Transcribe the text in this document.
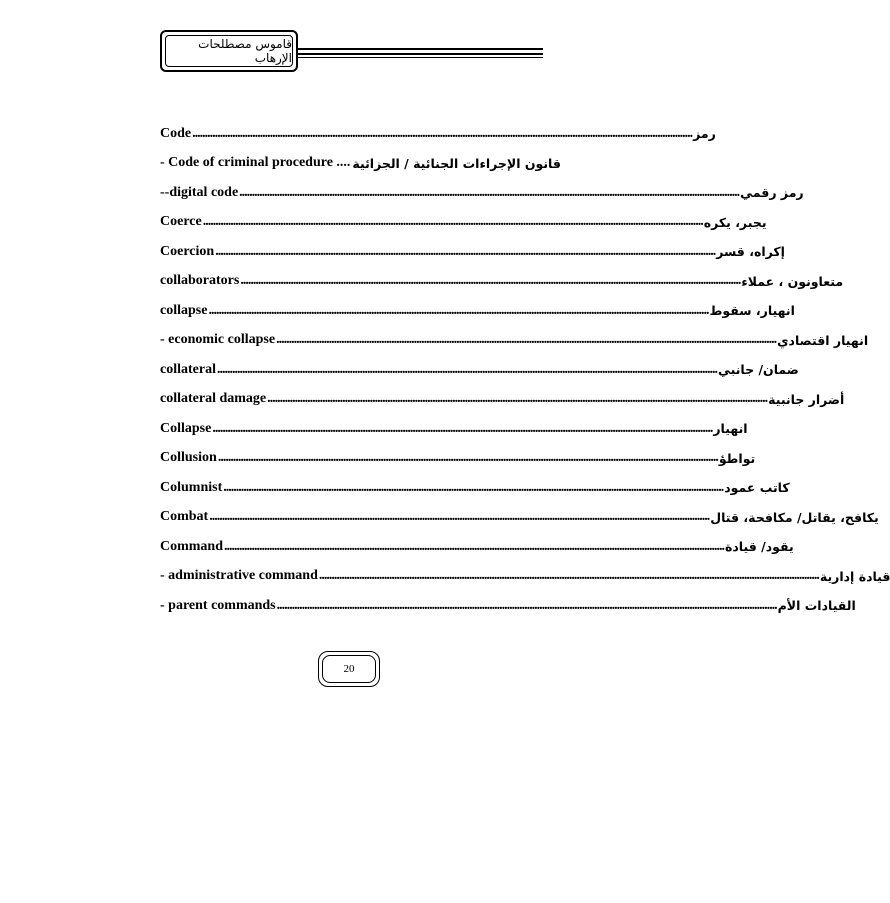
قاموس مصطلحات الإرهاب
Code ........................................................................................................................................................................................................ رمز
- Code of criminal procedure .... قانون الإجراءات الجنائية / الجزائية
--digital code ........................................................................................................................................................................................................ رمز رقمي
Coerce ........................................................................................................................................................................................................ يجبر، يكره
Coercion ........................................................................................................................................................................................................ إكراه، قسر
collaborators ........................................................................................................................................................................................................ متعاونون ، عملاء
collapse ........................................................................................................................................................................................................ انهيار، سقوط
- economic collapse ........................................................................................................................................................................................................ انهيار اقتصادي
collateral ........................................................................................................................................................................................................ ضمان/ جانبي
collateral damage ........................................................................................................................................................................................................ أضرار جانبية
Collapse ........................................................................................................................................................................................................ انهيار
Collusion ........................................................................................................................................................................................................ تواطؤ
Columnist ........................................................................................................................................................................................................ كاتب عمود
Combat ........................................................................................................................................................................................................ يكافح، يقاتل/ مكافحة، قتال
Command ........................................................................................................................................................................................................ يقود/ قيادة
- administrative command ........................................................................................................................................................................................................ قيادة إدارية
- parent commands ........................................................................................................................................................................................................ القيادات الأم
20
